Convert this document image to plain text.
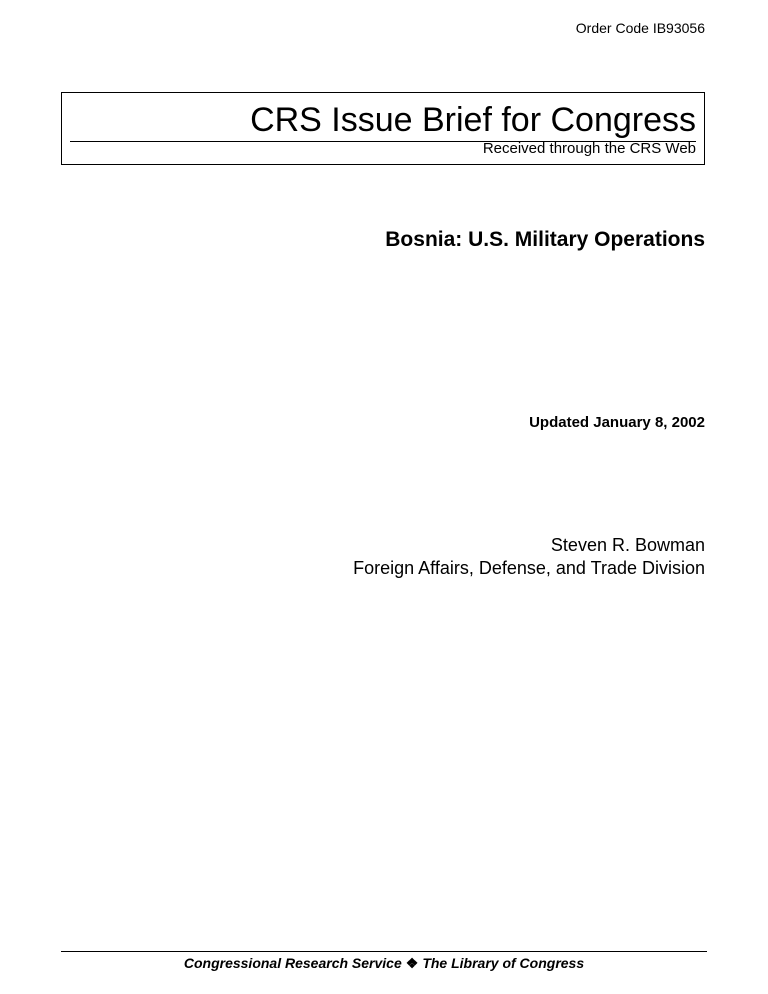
Order Code IB93056
CRS Issue Brief for Congress
Received through the CRS Web
Bosnia: U.S. Military Operations
Updated January 8, 2002
Steven R. Bowman
Foreign Affairs, Defense, and Trade Division
Congressional Research Service ❖ The Library of Congress
